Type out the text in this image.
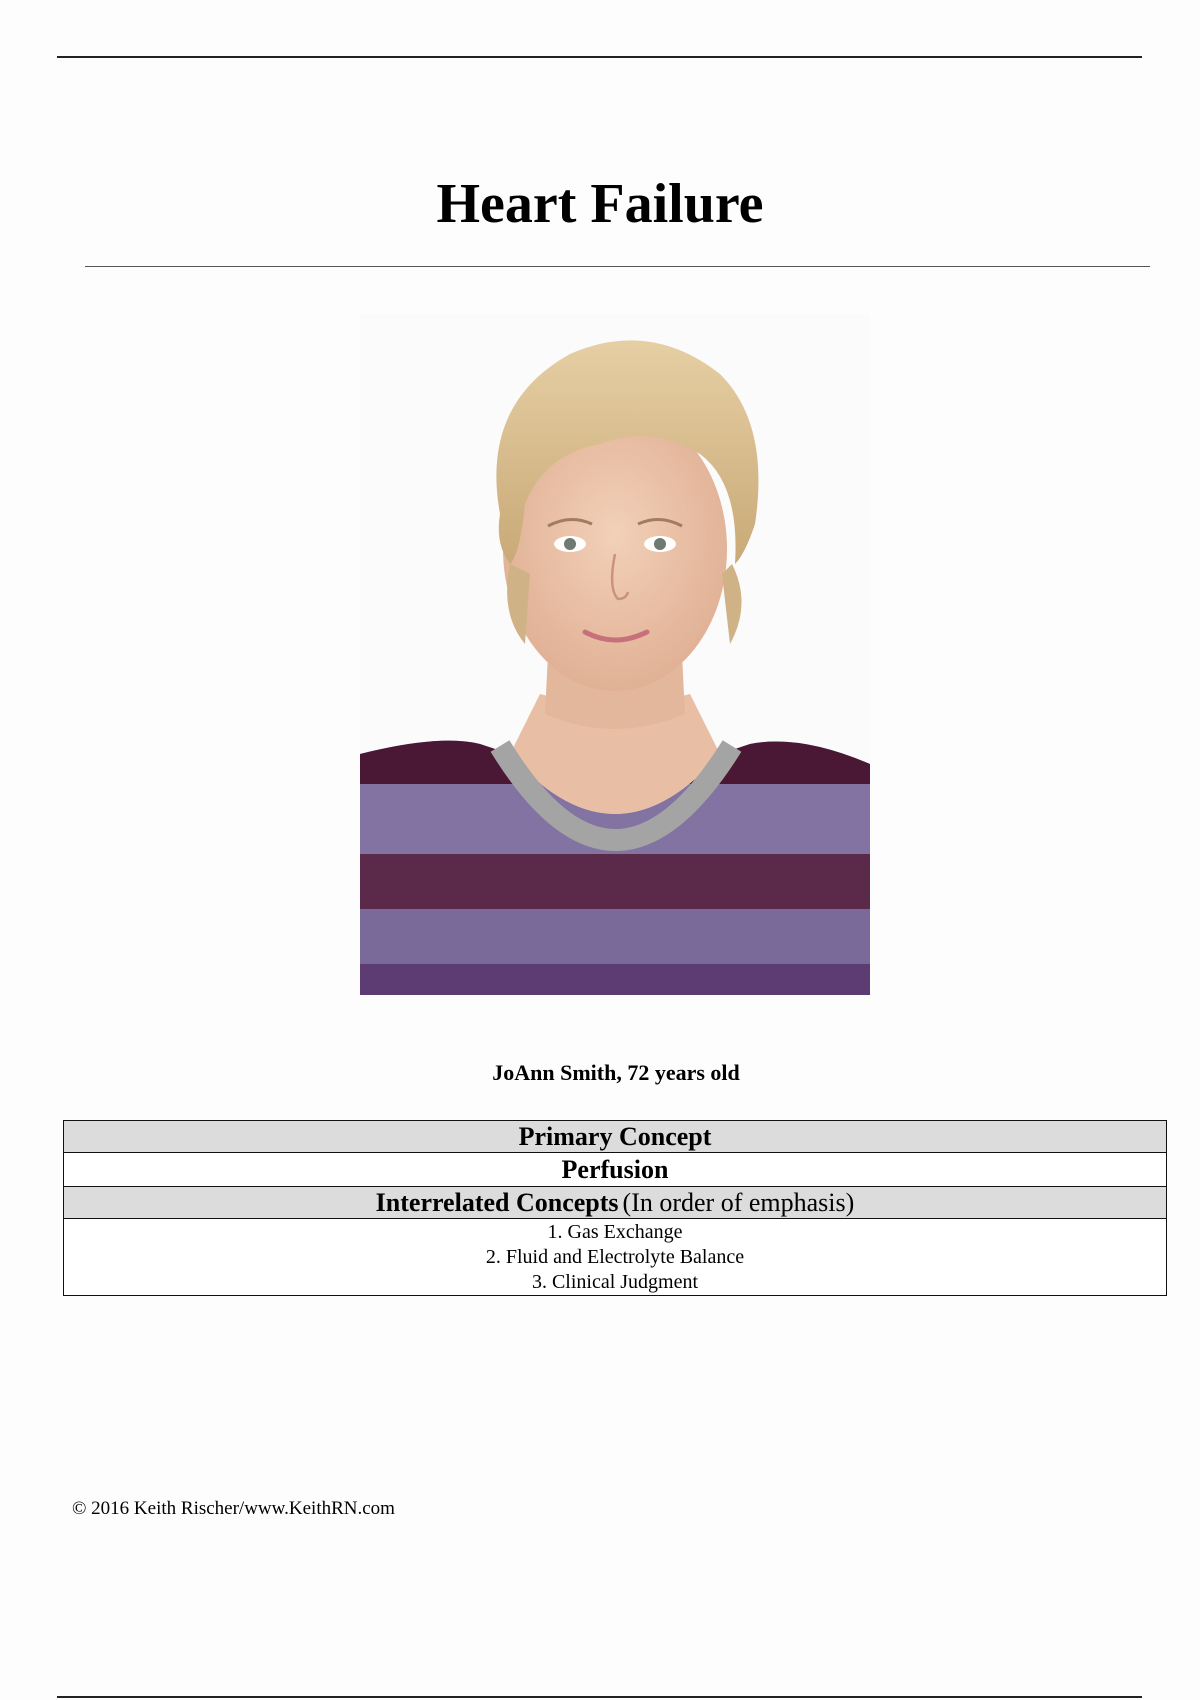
Heart Failure
JoAnn Smith, 72 years old
Primary Concept
Perfusion
Interrelated Concepts (In order of emphasis)

1. Gas Exchange
2. Fluid and Electrolyte Balance
3. Clinical Judgment
© 2016 Keith Rischer/www.KeithRN.com
